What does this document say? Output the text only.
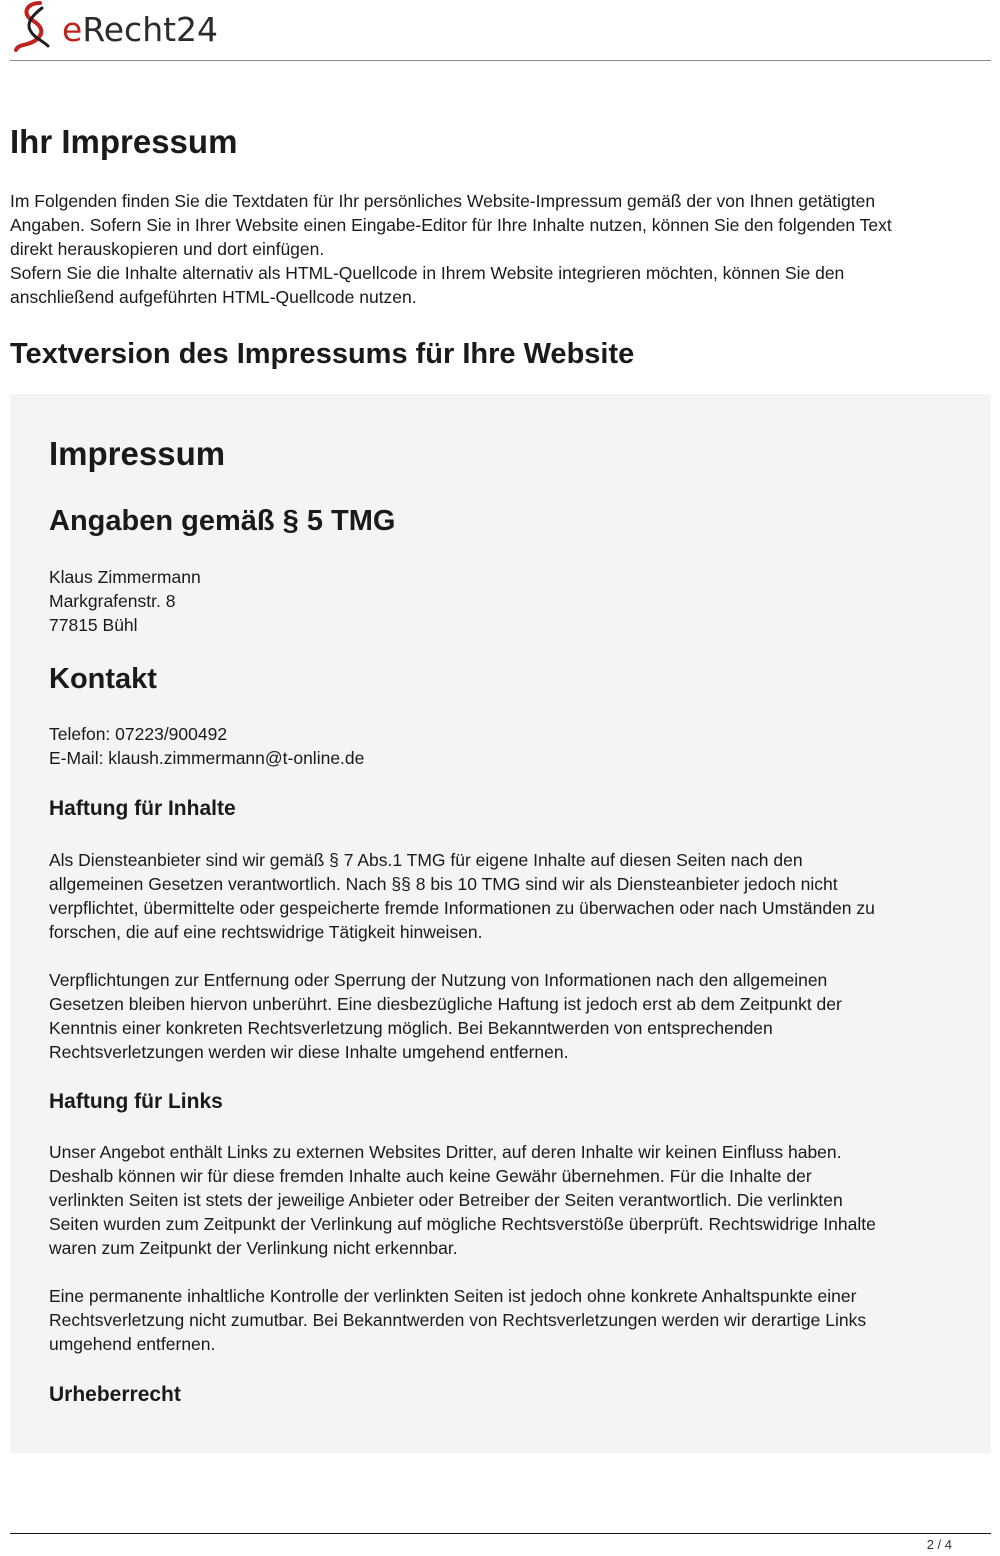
eRecht24
Ihr Impressum

Im Folgenden finden Sie die Textdaten für Ihr persönliches Website-Impressum gemäß der von Ihnen getätigten

Angaben. Sofern Sie in Ihrer Website einen Eingabe-Editor für Ihre Inhalte nutzen, können Sie den folgenden Text

direkt herauskopieren und dort einfügen.

Sofern Sie die Inhalte alternativ als HTML-Quellcode in Ihrem Website integrieren möchten, können Sie den

anschließend aufgeführten HTML-Quellcode nutzen.

Textversion des Impressums für Ihre Website
Impressum
Angaben gemäß § 5 TMG

Klaus Zimmermann
Markgrafenstr. 8
77815 Bühl

Kontakt

Telefon: 07223/900492
E-Mail: klaush.zimmermann@t-online.de

Haftung für Inhalte

Als Diensteanbieter sind wir gemäß § 7 Abs.1 TMG für eigene Inhalte auf diesen Seiten nach den
allgemeinen Gesetzen verantwortlich. Nach §§ 8 bis 10 TMG sind wir als Diensteanbieter jedoch nicht
verpflichtet, übermittelte oder gespeicherte fremde Informationen zu überwachen oder nach Umständen zu
forschen, die auf eine rechtswidrige Tätigkeit hinweisen.

Verpflichtungen zur Entfernung oder Sperrung der Nutzung von Informationen nach den allgemeinen
Gesetzen bleiben hiervon unberührt. Eine diesbezügliche Haftung ist jedoch erst ab dem Zeitpunkt der
Kenntnis einer konkreten Rechtsverletzung möglich. Bei Bekanntwerden von entsprechenden
Rechtsverletzungen werden wir diese Inhalte umgehend entfernen.

Haftung für Links

Unser Angebot enthält Links zu externen Websites Dritter, auf deren Inhalte wir keinen Einfluss haben.
Deshalb können wir für diese fremden Inhalte auch keine Gewähr übernehmen. Für die Inhalte der
verlinkten Seiten ist stets der jeweilige Anbieter oder Betreiber der Seiten verantwortlich. Die verlinkten
Seiten wurden zum Zeitpunkt der Verlinkung auf mögliche Rechtsverstöße überprüft. Rechtswidrige Inhalte
waren zum Zeitpunkt der Verlinkung nicht erkennbar.

Eine permanente inhaltliche Kontrolle der verlinkten Seiten ist jedoch ohne konkrete Anhaltspunkte einer
Rechtsverletzung nicht zumutbar. Bei Bekanntwerden von Rechtsverletzungen werden wir derartige Links
umgehend entfernen.

Urheberrecht
2 / 4
